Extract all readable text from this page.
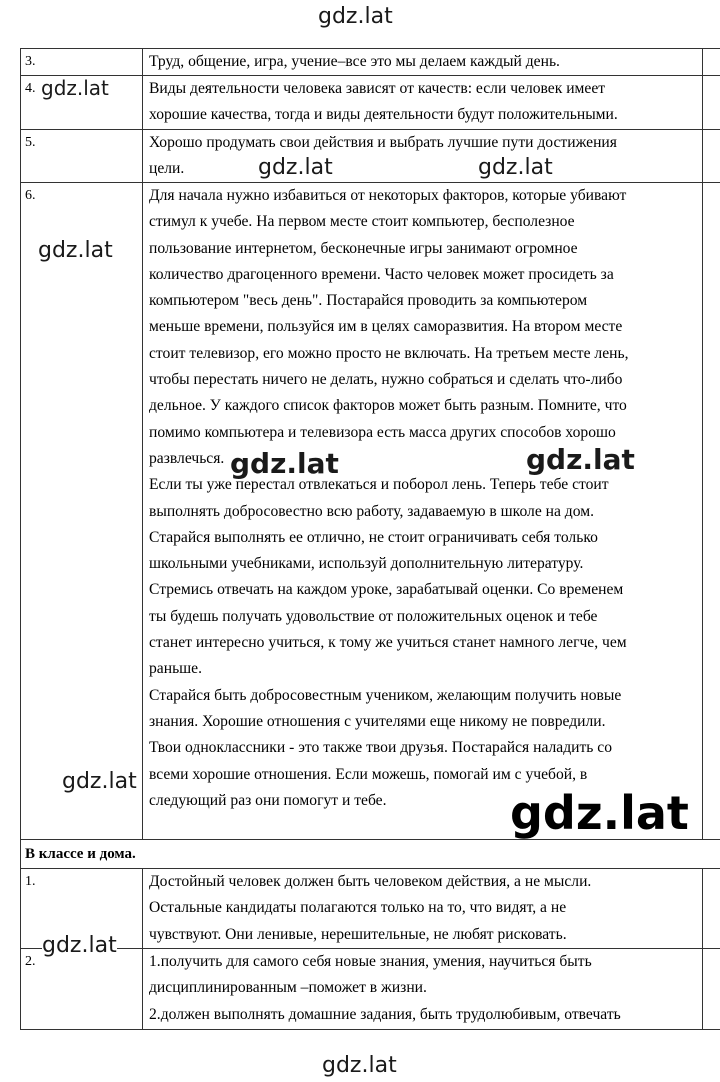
3.	Труд, общение, игра, учение–все это мы делаем каждый день.

4.	Виды деятельности человека зависят от качеств: если человек имеет

хорошие качества, тогда и виды деятельности будут положительными.

5.	Хорошо продумать свои действия и выбрать лучшие пути достижения

цели.

6.	Для начала нужно избавиться от некоторых факторов, которые убивают

стимул к учебе. На первом месте стоит компьютер, бесполезное

пользование интернетом, бесконечные игры занимают огромное

количество драгоценного времени. Часто человек может просидеть за

компьютером "весь день". Постарайся проводить за компьютером

меньше времени, пользуйся им в целях саморазвития. На втором месте

стоит телевизор, его можно просто не включать. На третьем месте лень,

чтобы перестать ничего не делать, нужно собраться и сделать что-либо

дельное. У каждого список факторов может быть разным. Помните, что

помимо компьютера и телевизора есть масса других способов хорошо

развлечься.

Если ты уже перестал отвлекаться и поборол лень. Теперь тебе стоит

выполнять добросовестно всю работу, задаваемую в школе на дом.

Старайся выполнять ее отлично, не стоит ограничивать себя только

школьными учебниками, используй дополнительную литературу.

Стремись отвечать на каждом уроке, зарабатывай оценки. Со временем

ты будешь получать удовольствие от положительных оценок и тебе

станет интересно учиться, к тому же учиться станет намного легче, чем

раньше.

Старайся быть добросовестным учеником, желающим получить новые

знания. Хорошие отношения с учителями еще никому не повредили.

Твои одноклассники - это также твои друзья. Постарайся наладить со

всеми хорошие отношения. Если можешь, помогай им с учебой, в

следующий раз они помогут и тебе.

В классе и дома.
1.	Достойный человек должен быть человеком действия, а не мысли.

Остальные кандидаты полагаются только на то, что видят, а не

чувствуют. Они ленивые, нерешительные, не любят рисковать.

2.	1.получить для самого себя новые знания, умения, научиться быть

дисциплинированным –поможет в жизни.

2.должен выполнять домашние задания, быть трудолюбивым, отвечать

gdz.lat
gdz.lat
gdz.lat	gdz.lat
gdz.lat
gdz.lat	gdz.lat
gdz.lat
gdz.lat
gdz.lat
gdz.lat
